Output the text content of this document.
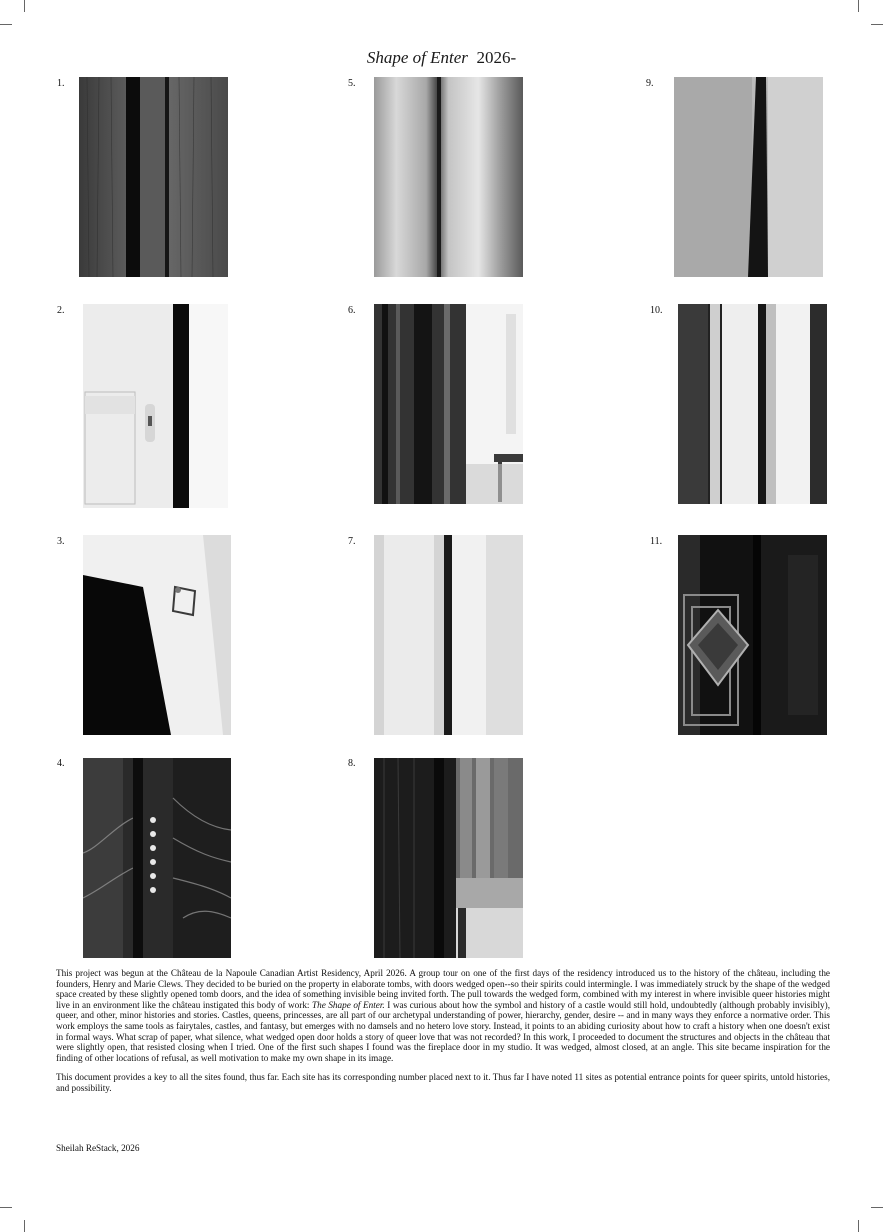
Shape of Enter 2026-
1.
2.
3.
4.
5.
6.
7.
8.
9.
10.
11.

This project was begun at the Château de la Napoule Canadian Artist Residency, April 2026. A group tour on one of the first days of the residency introduced us to the history of the château, including the founders, Henry and Marie Clews. They decided to be buried on the property in elaborate tombs, with doors wedged open--so their spirits could intermingle. I was immediately struck by the shape of the wedged space created by these slightly opened tomb doors, and the idea of something invisible being invited forth. The pull towards the wedged form, combined with my interest in where invisible queer histories might live in an environment like the château instigated this body of work: The Shape of Enter. I was curious about how the symbol and history of a castle would still hold, undoubtedly (although probably invisibly), queer, and other, minor histories and stories. Castles, queens, princesses, are all part of our archetypal understanding of power, hierarchy, gender, desire -- and in many ways they enforce a normative order. This work employs the same tools as fairytales, castles, and fantasy, but emerges with no damsels and no hetero love story. Instead, it points to an abiding curiosity about how to craft a history when one doesn't exist in formal ways. What scrap of paper, what silence, what wedged open door holds a story of queer love that was not recorded? In this work, I proceeded to document the structures and objects in the château that were slightly open, that resisted closing when I tried. One of the first such shapes I found was the fireplace door in my studio. It was wedged, almost closed, at an angle. This site became inspiration for the finding of other locations of refusal, as well motivation to make my own shape in its image.

This document provides a key to all the sites found, thus far. Each site has its corresponding number placed next to it. Thus far I have noted 11 sites as potential entrance points for queer spirits, untold histories, and possibility.

Sheilah ReStack, 2026
